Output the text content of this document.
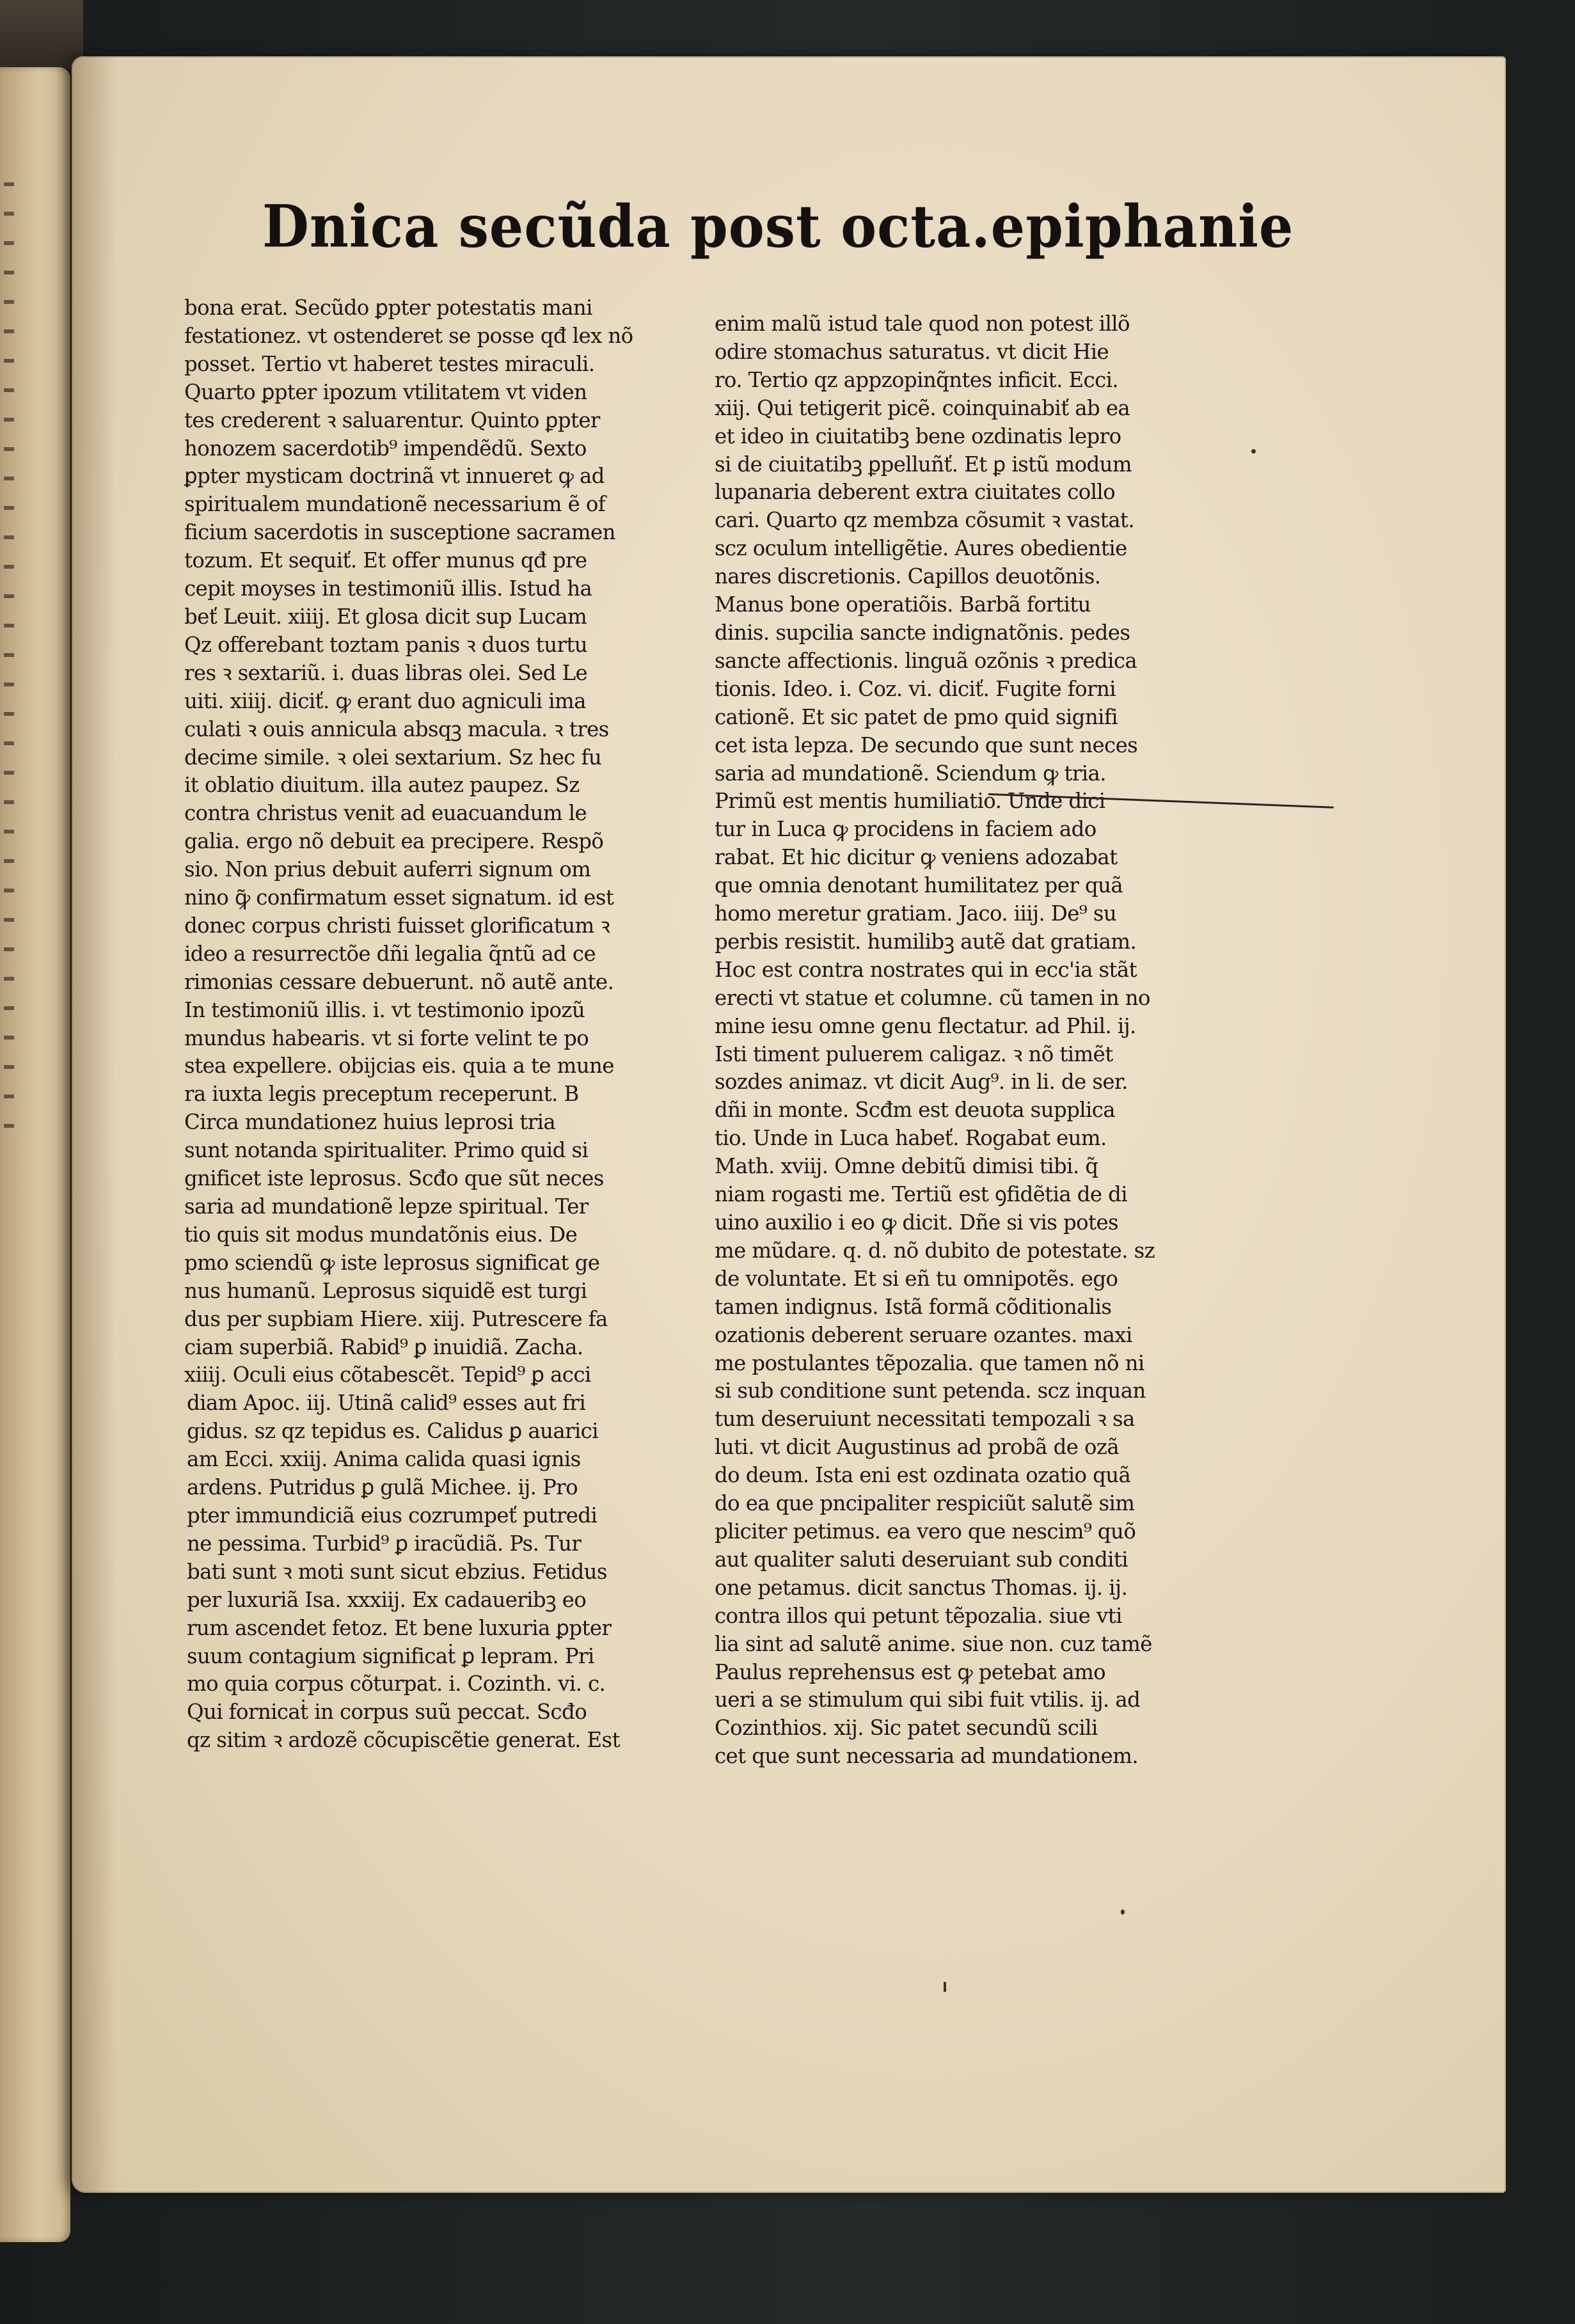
Dnica secũda post octa.epiphanie
bona erat. Secũdo ꝑpter potestatis mani
festationez. vt ostenderet se posse qđ lex nõ
posset. Tertio vt haberet testes miraculi.
Quarto ꝑpter ipozum vtilitatem vt viden
tes crederent ꝛ saluarentur. Quinto ꝑpter
honozem sacerdotib⁹ impendẽdũ. Sexto
ꝑpter mysticam doctrinã vt innueret ꝙ ad
spiritualem mundationẽ necessarium ẽ of
ficium sacerdotis in susceptione sacramen
tozum. Et sequiť. Et offer munus qđ pre
cepit moyses in testimoniũ illis. Istud ha
beť Leuit. xiiij. Et glosa dicit sup Lucam
Qz offerebant toztam panis ꝛ duos turtu
res ꝛ sextariũ. i. duas libras olei. Sed Le
uiti. xiiij. diciť. ꝙ erant duo agniculi ima
culati ꝛ ouis annicula absqꝫ macula. ꝛ tres
decime simile. ꝛ olei sextarium. Sz hec fu
it oblatio diuitum. illa autez paupez. Sz
contra christus venit ad euacuandum le
galia. ergo nõ debuit ea precipere. Respõ
sio. Non prius debuit auferri signum om
nino ꝙ̃ confirmatum esset signatum. id est
donec corpus christi fuisset glorificatum ꝛ
ideo a resurrectõe dñi legalia q̃ntũ ad ce
rimonias cessare debuerunt. nõ autẽ ante.
In testimoniũ illis. i. vt testimonio ipozũ
mundus habearis. vt si forte velint te po
stea expellere. obijcias eis. quia a te mune
ra iuxta legis preceptum receperunt. B
Circa mundationez huius leprosi tria
sunt notanda spiritualiter. Primo quid si
gnificet iste leprosus. Scđo que sũt neces
saria ad mundationẽ lepze spiritual. Ter
tio quis sit modus mundatõnis eius. De
pmo sciendũ ꝙ iste leprosus significat ge
nus humanũ. Leprosus siquidẽ est turgi
dus per supbiam Hiere. xiij. Putrescere fa
ciam superbiã. Rabid⁹ ꝑ inuidiã. Zacha.
xiiij. Oculi eius cõtabescẽt. Tepid⁹ ꝑ acci
diam Apoc. iij. Utinã calid⁹ esses aut fri
gidus. sz qz tepidus es. Calidus ꝑ auarici
am Ecci. xxiij. Anima calida quasi ignis
ardens. Putridus ꝑ gulã Michee. ij. Pro
pter immundiciã eius cozrumpeť putredi
ne pessima. Turbid⁹ ꝑ iracũdiã. Ps. Tur
bati sunt ꝛ moti sunt sicut ebzius. Fetidus
per luxuriã Isa. xxxiij. Ex cadaueribꝫ eo
rum ascendet fetoz. Et bene luxuria ꝑpter
suum contagium significaṫ ꝑ lepram. Pri
mo quia corpus cõturpat. i. Cozinth. vi. c.
Qui fornicaṫ in corpus suũ peccat. Scđo
qz sitim ꝛ ardozẽ cõcupiscẽtie generat. Est
enim malũ istud tale quod non potest illõ
odire stomachus saturatus. vt dicit Hie
ro. Tertio qz appzopinq̃ntes inficit. Ecci.
xiij. Qui tetigerit picẽ. coinquinabiť ab ea
et ideo in ciuitatibꝫ bene ozdinatis lepro
si de ciuitatibꝫ ꝑpelluñť. Et ꝑ istũ modum
lupanaria deberent extra ciuitates collo
cari. Quarto qz membza cõsumit ꝛ vastat.
scz oculum intelligẽtie. Aures obedientie
nares discretionis. Capillos deuotõnis.
Manus bone operatiõis. Barbã fortitu
dinis. supcilia sancte indignatõnis. pedes
sancte affectionis. linguã ozõnis ꝛ predica
tionis. Ideo. i. Coz. vi. diciť. Fugite forni
cationẽ. Et sic patet de pmo quid signifi
cet ista lepza. De secundo que sunt neces
saria ad mundationẽ. Sciendum ꝙ tria.
Primũ est mentis humiliatio. Unde dici
tur in Luca ꝙ procidens in faciem ado
rabat. Et hic dicitur ꝙ veniens adozabat
que omnia denotant humilitatez per quã
homo meretur gratiam. Jaco. iiij. De⁹ su
perbis resistit. humilibꝫ autẽ dat gratiam.
Hoc est contra nostrates qui in ecc'ia stãt
erecti vt statue et columne. cũ tamen in no
mine iesu omne genu flectatur. ad Phil. ij.
Isti timent puluerem caligaz. ꝛ nõ timẽt
sozdes animaz. vt dicit Aug⁹. in li. de ser.
dñi in monte. Scđm est deuota supplica
tio. Unde in Luca habeť. Rogabat eum.
Math. xviij. Omne debitũ dimisi tibi. q̃
niam rogasti me. Tertiũ est ꝯfidẽtia de di
uino auxilio i eo ꝙ dicit. Dñe si vis potes
me mũdare. q. d. nõ dubito de potestate. sz
de voluntate. Et si eñ tu omnipotẽs. ego
tamen indignus. Istã formã cõditionalis
ozationis deberent seruare ozantes. maxi
me postulantes tẽpozalia. que tamen nõ ni
si sub conditione sunt petenda. scz inquan
tum deseruiunt necessitati tempozali ꝛ sa
luti. vt dicit Augustinus ad probã de ozã
do deum. Ista eni est ozdinata ozatio quã
do ea que pncipaliter respiciũt salutẽ sim
pliciter petimus. ea vero que nescim⁹ quõ
aut qualiter saluti deseruiant sub conditi
one petamus. dicit sanctus Thomas. ij. ij.
contra illos qui petunt tẽpozalia. siue vti
lia sint ad salutẽ anime. siue non. cuz tamẽ
Paulus reprehensus est ꝙ petebat amo
ueri a se stimulum qui sibi fuit vtilis. ij. ad
Cozinthios. xij. Sic patet secundũ scili
cet que sunt necessaria ad mundationem.
